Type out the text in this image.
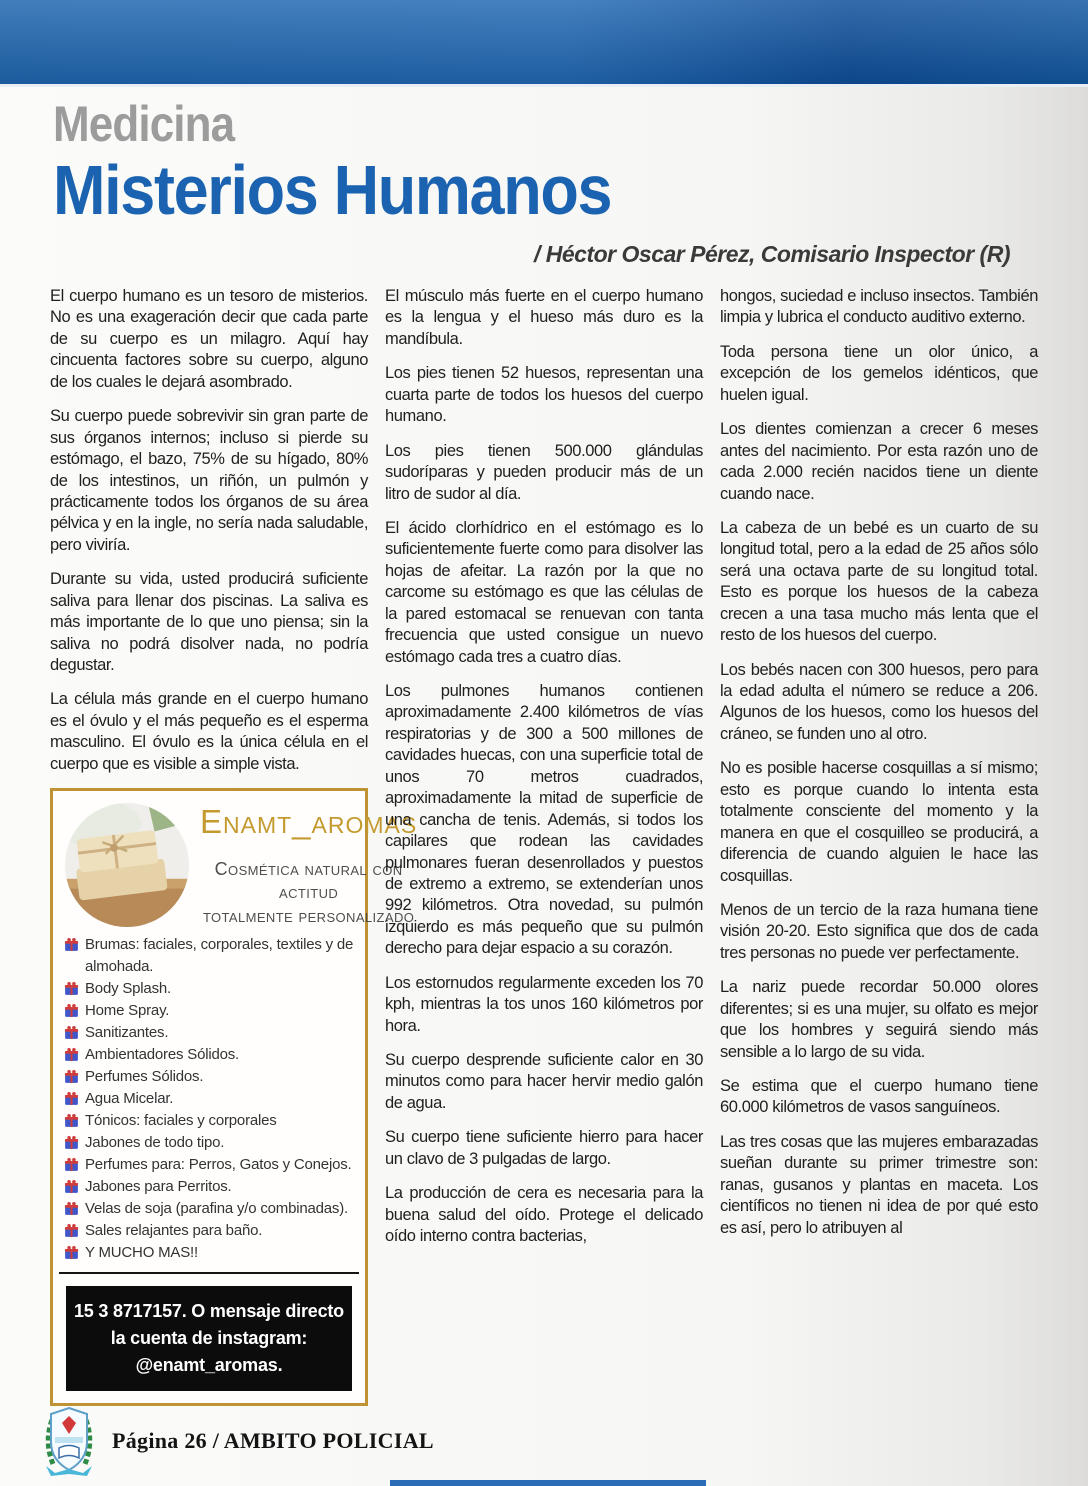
Medicina
Misterios Humanos
/ Héctor Oscar Pérez, Comisario Inspector (R)

El cuerpo humano es un tesoro de misterios. No es una exageración decir que cada parte de su cuerpo es un milagro. Aquí hay cincuenta factores sobre su cuerpo, alguno de los cuales le dejará asombrado.

Su cuerpo puede sobrevivir sin gran parte de sus órganos internos; incluso si pierde su estómago, el bazo, 75% de su hígado, 80% de los intestinos, un riñón, un pulmón y prácticamente todos los órganos de su área pélvica y en la ingle, no sería nada saludable, pero viviría.

Durante su vida, usted producirá suficiente saliva para llenar dos piscinas. La saliva es más importante de lo que uno piensa; sin la saliva no podrá disolver nada, no podría degustar.

La célula más grande en el cuerpo humano es el óvulo y el más pequeño es el esperma masculino. El óvulo es la única célula en el cuerpo que es visible a simple vista.

Enamt_aromas
Cosmética natural con actitud
totalmente personalizado
Brumas: faciales, corporales, textiles y de almohada.
Body Splash.
Home Spray.
Sanitizantes.
Ambientadores Sólidos.
Perfumes Sólidos.
Agua Micelar.
Tónicos: faciales y corporales
Jabones de todo tipo.
Perfumes para: Perros, Gatos y Conejos.
Jabones para Perritos.
Velas de soja (parafina y/o combinadas).
Sales relajantes para baño.
Y MUCHO MAS!!
15 3 8717157. O mensaje directo la cuenta de instagram: @enamt_aromas.

El músculo más fuerte en el cuerpo humano es la lengua y el hueso más duro es la mandíbula.

Los pies tienen 52 huesos, representan una cuarta parte de todos los huesos del cuerpo humano.

Los pies tienen 500.000 glándulas sudoríparas y pueden producir más de un litro de sudor al día.

El ácido clorhídrico en el estómago es lo suficientemente fuerte como para disolver las hojas de afeitar. La razón por la que no carcome su estómago es que las células de la pared estomacal se renuevan con tanta frecuencia que usted consigue un nuevo estómago cada tres a cuatro días.

Los pulmones humanos contienen aproximadamente 2.400 kilómetros de vías respiratorias y de 300 a 500 millones de cavidades huecas, con una superficie total de unos 70 metros cuadrados, aproximadamente la mitad de superficie de una cancha de tenis. Además, si todos los capilares que rodean las cavidades pulmonares fueran desenrollados y puestos de extremo a extremo, se extenderían unos 992 kilómetros. Otra novedad, su pulmón izquierdo es más pequeño que su pulmón derecho para dejar espacio a su corazón.

Los estornudos regularmente exceden los 70 kph, mientras la tos unos 160 kilómetros por hora.

Su cuerpo desprende suficiente calor en 30 minutos como para hacer hervir medio galón de agua.

Su cuerpo tiene suficiente hierro para hacer un clavo de 3 pulgadas de largo.

La producción de cera es necesaria para la buena salud del oído. Protege el delicado oído interno contra bacterias,

hongos, suciedad e incluso insectos. También limpia y lubrica el conducto auditivo externo.

Toda persona tiene un olor único, a excepción de los gemelos idénticos, que huelen igual.

Los dientes comienzan a crecer 6 meses antes del nacimiento. Por esta razón uno de cada 2.000 recién nacidos tiene un diente cuando nace.

La cabeza de un bebé es un cuarto de su longitud total, pero a la edad de 25 años sólo será una octava parte de su longitud total. Esto es porque los huesos de la cabeza crecen a una tasa mucho más lenta que el resto de los huesos del cuerpo.

Los bebés nacen con 300 huesos, pero para la edad adulta el número se reduce a 206. Algunos de los huesos, como los huesos del cráneo, se funden uno al otro.

No es posible hacerse cosquillas a sí mismo; esto es porque cuando lo intenta esta totalmente consciente del momento y la manera en que el cosquilleo se producirá, a diferencia de cuando alguien le hace las cosquillas.

Menos de un tercio de la raza humana tiene visión 20-20. Esto significa que dos de cada tres personas no puede ver perfectamente.

La nariz puede recordar 50.000 olores diferentes; si es una mujer, su olfato es mejor que los hombres y seguirá siendo más sensible a lo largo de su vida.

Se estima que el cuerpo humano tiene 60.000 kilómetros de vasos sanguíneos.

Las tres cosas que las mujeres embarazadas sueñan durante su primer trimestre son: ranas, gusanos y plantas en maceta. Los científicos no tienen ni idea de por qué esto es así, pero lo atribuyen al

Página 26 / AMBITO POLICIAL
